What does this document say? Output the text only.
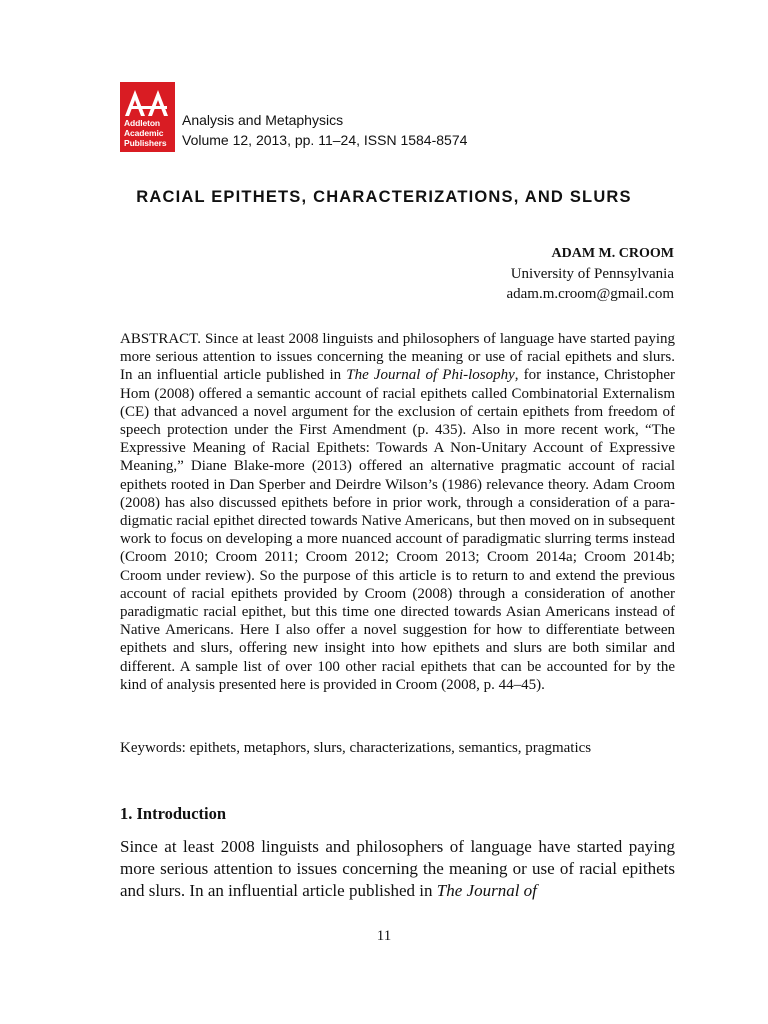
Addleton
Academic
Publishers
Analysis and Metaphysics
Volume 12, 2013, pp. 11–24, ISSN 1584-8574
RACIAL EPITHETS, CHARACTERIZATIONS, AND SLURS
ADAM M. CROOM
University of Pennsylvania
adam.m.croom@gmail.com

ABSTRACT. Since at least 2008 linguists and philosophers of language have started paying more serious attention to issues concerning the meaning or use of racial epithets and slurs. In an influential article published in The Journal of Phi-losophy, for instance, Christopher Hom (2008) offered a semantic account of racial epithets called Combinatorial Externalism (CE) that advanced a novel argument for the exclusion of certain epithets from freedom of speech protection under the First Amendment (p. 435). Also in more recent work, “The Expressive Meaning of Racial Epithets: Towards A Non-Unitary Account of Expressive Meaning,” Diane Blake-more (2013) offered an alternative pragmatic account of racial epithets rooted in Dan Sperber and Deirdre Wilson’s (1986) relevance theory. Adam Croom (2008) has also discussed epithets before in prior work, through a consideration of a para-digmatic racial epithet directed towards Native Americans, but then moved on in subsequent work to focus on developing a more nuanced account of paradigmatic slurring terms instead (Croom 2010; Croom 2011; Croom 2012; Croom 2013; Croom 2014a; Croom 2014b; Croom under review). So the purpose of this article is to return to and extend the previous account of racial epithets provided by Croom (2008) through a consideration of another paradigmatic racial epithet, but this time one directed towards Asian Americans instead of Native Americans. Here I also offer a novel suggestion for how to differentiate between epithets and slurs, offering new insight into how epithets and slurs are both similar and different. A sample list of over 100 other racial epithets that can be accounted for by the kind of analysis presented here is provided in Croom (2008, p. 44–45).

Keywords: epithets, metaphors, slurs, characterizations, semantics, pragmatics
1. Introduction

Since at least 2008 linguists and philosophers of language have started paying more serious attention to issues concerning the meaning or use of racial epithets and slurs. In an influential article published in The Journal of

11
